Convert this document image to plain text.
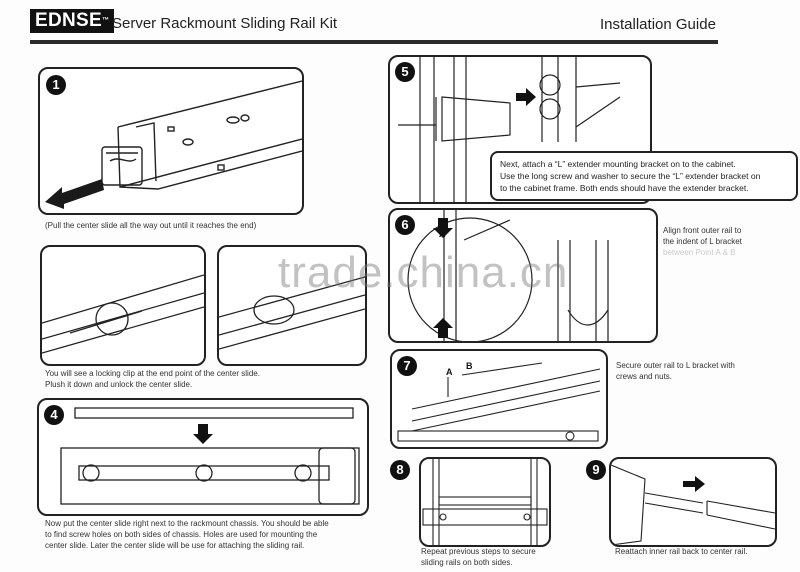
EDNSE™ Server Rackmount Sliding Rail Kit	Installation Guide
1
(Pull the center slide all the way out until it reaches the end)
You will see a locking clip at the end point of the center slide.
Plush it down and unlock the center slide.
4
Now put the center slide right next to the rackmount chassis. You should be able
to find screw holes on both sides of chassis. Holes are used for mounting the
center slide. Later the center slide will be use for attaching the sliding rail.
5
Next, attach a “L” extender mounting bracket on to the cabinet.
Use the long screw and washer to secure the “L” extender bracket on
to the cabinet frame. Both ends should have the extender bracket.
6
A
B
Align front outer rail to
the indent of L bracket
between Point A & B
7	A
B	Secure outer rail to L bracket with
crews and nuts.
8
Repeat previous steps to secure
sliding rails on both sides.
9
Reattach inner rail back to center rail.
trade.china.cn
